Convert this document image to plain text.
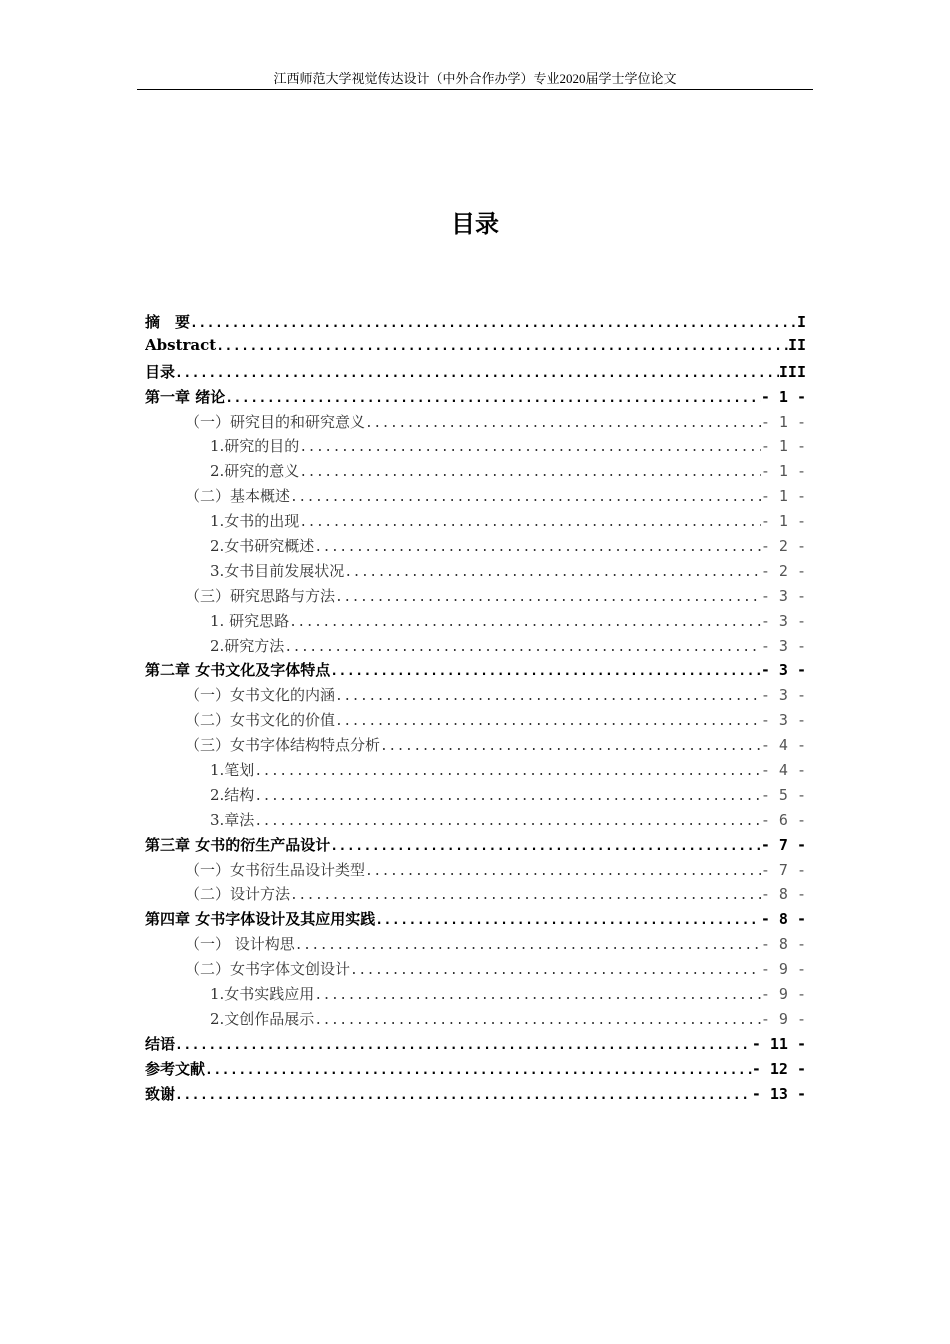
江西师范大学视觉传达设计（中外合作办学）专业2020届学士学位论文
目录
摘　要 .....	I
Abstract .....	II
目录 .....	III
第一章 绪论 .....	- 1 -
（一）研究目的和研究意义 .....	- 1 -
1.研究的目的 .....	- 1 -
2.研究的意义 .....	- 1 -
（二）基本概述 .....	- 1 -
1.女书的出现 .....	- 1 -
2.女书研究概述 .....	- 2 -
3.女书目前发展状况 .....	- 2 -
（三）研究思路与方法 .....	- 3 -
1. 研究思路 .....	- 3 -
2.研究方法 .....	- 3 -
第二章 女书文化及字体特点 .....	- 3 -
（一）女书文化的内涵 .....	- 3 -
（二）女书文化的价值 .....	- 3 -
（三）女书字体结构特点分析 .....	- 4 -
1.笔划 .....	- 4 -
2.结构 .....	- 5 -
3.章法 .....	- 6 -
第三章 女书的衍生产品设计 .....	- 7 -
（一）女书衍生品设计类型 .....	- 7 -
（二）设计方法 .....	- 8 -
第四章 女书字体设计及其应用实践 .....	- 8 -
（一） 设计构思 .....	- 8 -
（二）女书字体文创设计 .....	- 9 -
1.女书实践应用 .....	- 9 -
2.文创作品展示 .....	- 9 -
结语 .....	- 11 -
参考文献 .....	- 12 -
致谢 .....	- 13 -
